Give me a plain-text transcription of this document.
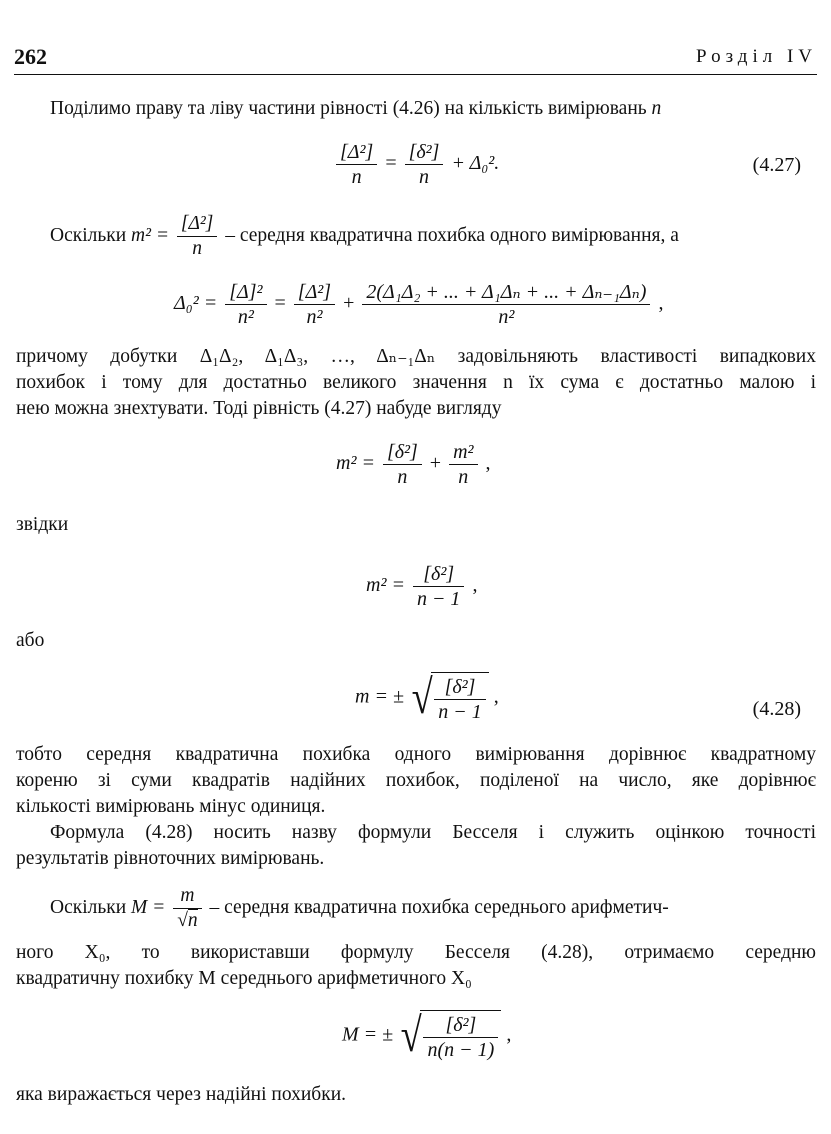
262	Розділ IV
Поділимо праву та ліву частини рівності (4.26) на кількість вимірювань n
$\frac{\text{[Δ²]}}{n} = \frac{\text{[δ²]}}{n} + \Delta_0^2$.	(4.27)
Оскільки $m^2 = \frac{\text{[Δ²]}}{n}$ – середня квадратична похибка одного вимірювання, а
$\Delta_0^2 = \frac{\text{[Δ]²}}{\text{n²}} = \frac{\text{[Δ²]}}{\text{n²}} + \frac{\text{2(Δ₁Δ₂ + ... + Δ₁Δₙ + ... + Δₙ₋₁Δₙ)}}{\text{n²}}$ ,
причому добутки Δ₁Δ₂, Δ₁Δ₃, …, Δₙ₋₁Δₙ задовільняють властивості випадкових
похибок і тому для достатньо великого значення n їх сума є достатньо малою і
нею можна знехтувати. Тоді рівність (4.27) набуде вигляду
$m^2 = \frac{\text{[δ²]}}{n} + \frac{\text{m²}}{n}$ ,
звідки
$m^2 = \frac{\text{[δ²]}}{n - 1}$ ,
або
m = ± √ $\frac{\text{[δ²]}}{n - 1}$ ,
(4.28)
тобто середня квадратична похибка одного вимірювання дорівнює квадратному
кореню зі суми квадратів надійних похибок, поділеної на число, яке дорівнює
кількості вимірювань мінус одиниця.
Формула (4.28) носить назву формули Бесселя і служить оцінкою точності
результатів рівноточних вимірювань.
Оскільки $M = \frac{m}{√n}$ – середня квадратична похибка середнього арифметич-
ного X₀, то використавши формулу Бесселя (4.28), отримаємо середню
квадратичну похибку M середнього арифметичного X₀
M = ± √ $\frac{\text{[δ²]}}{n(n - 1)}$ ,
яка виражається через надійні похибки.
